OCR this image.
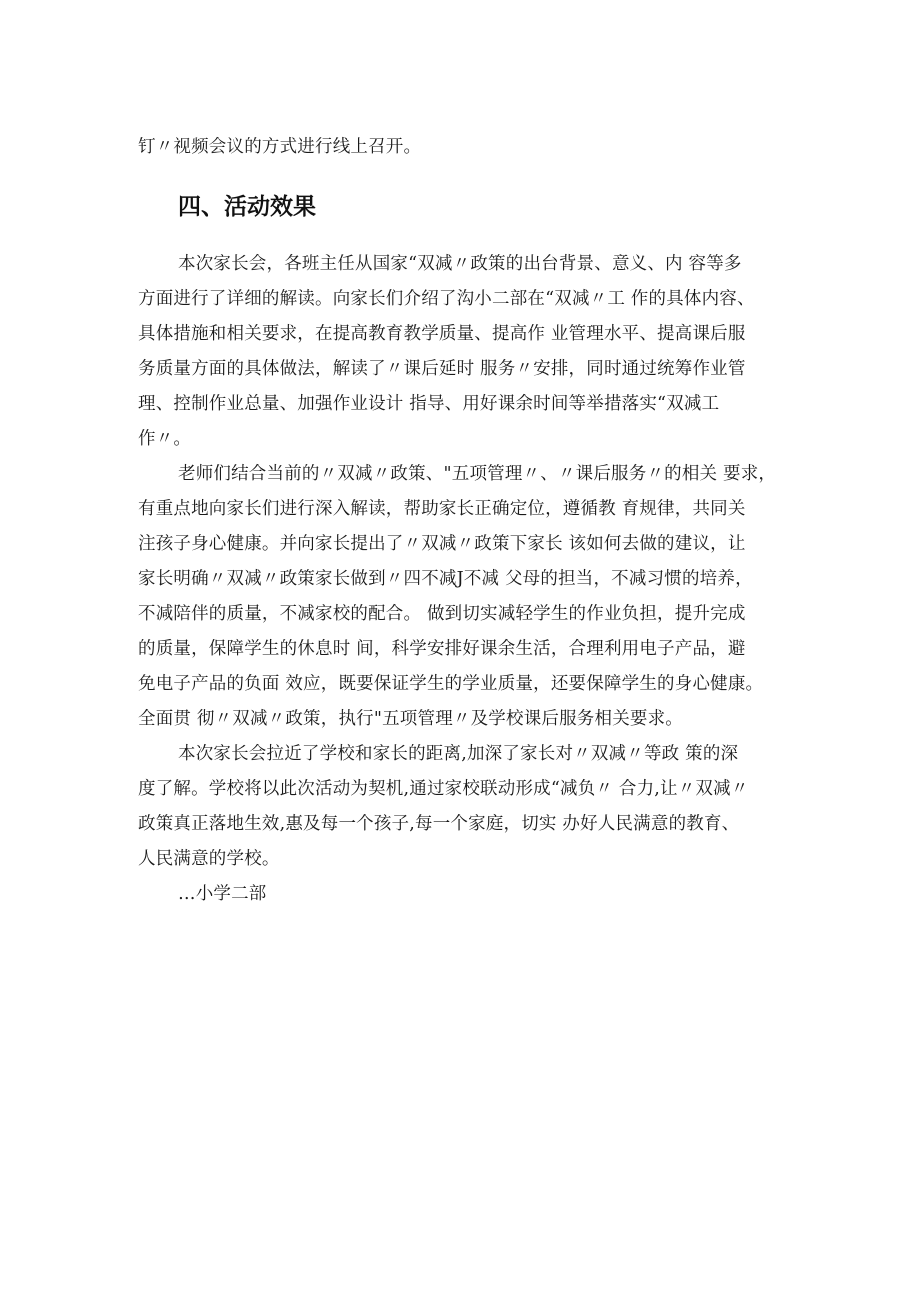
钉〃视频会议的方式进行线上召开。
四、活动效果
本次家长会，各班主任从国家“双减〃政策的出台背景、意义、内 容等多
方面进行了详细的解读。向家长们介绍了沟小二部在“双减〃工 作的具体内容、
具体措施和相关要求，在提高教育教学质量、提高作 业管理水平、提高课后服
务质量方面的具体做法，解读了〃课后延时 服务〃安排，同时通过统筹作业管
理、控制作业总量、加强作业设计 指导、用好课余时间等举措落实“双减工
作〃。
老师们结合当前的〃双减〃政策、"五项管理〃、〃课后服务〃的相关 要求，
有重点地向家长们进行深入解读，帮助家长正确定位，遵循教 育规律，共同关
注孩子身心健康。并向家长提出了〃双减〃政策下家长 该如何去做的建议，让
家长明确〃双减〃政策家长做到〃四不减J不减 父母的担当，不减习惯的培养，
不减陪伴的质量，不减家校的配合。 做到切实减轻学生的作业负担，提升完成
的质量，保障学生的休息时 间，科学安排好课余生活，合理利用电子产品，避
免电子产品的负面 效应，既要保证学生的学业质量，还要保障学生的身心健康。
全面贯 彻〃双减〃政策，执行"五项管理〃及学校课后服务相关要求。
本次家长会拉近了学校和家长的距离,加深了家长对〃双减〃等政 策的深
度了解。学校将以此次活动为契机,通过家校联动形成“减负〃 合力,让〃双减〃
政策真正落地生效,惠及每一个孩子,每一个家庭，切实 办好人民满意的教育、
人民满意的学校。
…小学二部
